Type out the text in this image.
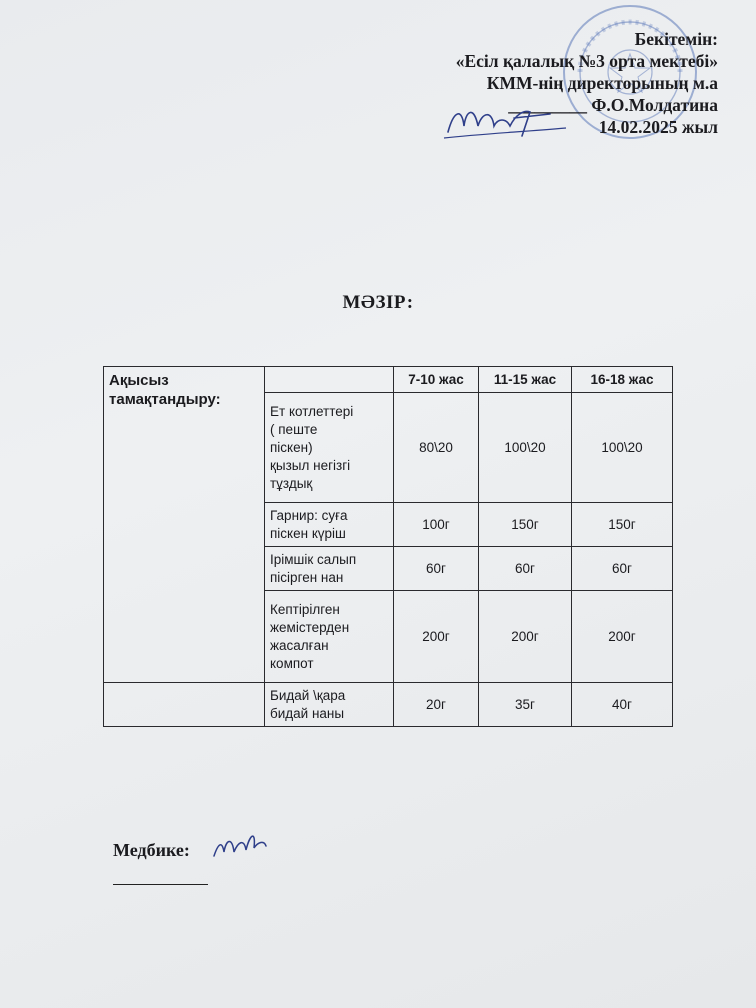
Бекітемін:
«Есіл қалалық №3 орта мектебі»
КММ-нің директорының м.а
_________ Ф.О.Молдатина
14.02.2025 жыл
МӘЗІР:
Ақысыз тамақтандыру:		7-10 жас	11-15 жас	16-18 жас
	Ет котлеттері
( пеште
піскен)
қызыл негізгі
тұздық	80\20	100\20	100\20
	Гарнир: суға
піскен күріш	100г	150г	150г
	Ірімшік салып
пісірген нан	60г	60г	60г
	Кептірілген
жемістерден
жасалған
компот	200г	200г	200г
	Бидай \қара
бидай наны	20г	35г	40г
Медбике:
